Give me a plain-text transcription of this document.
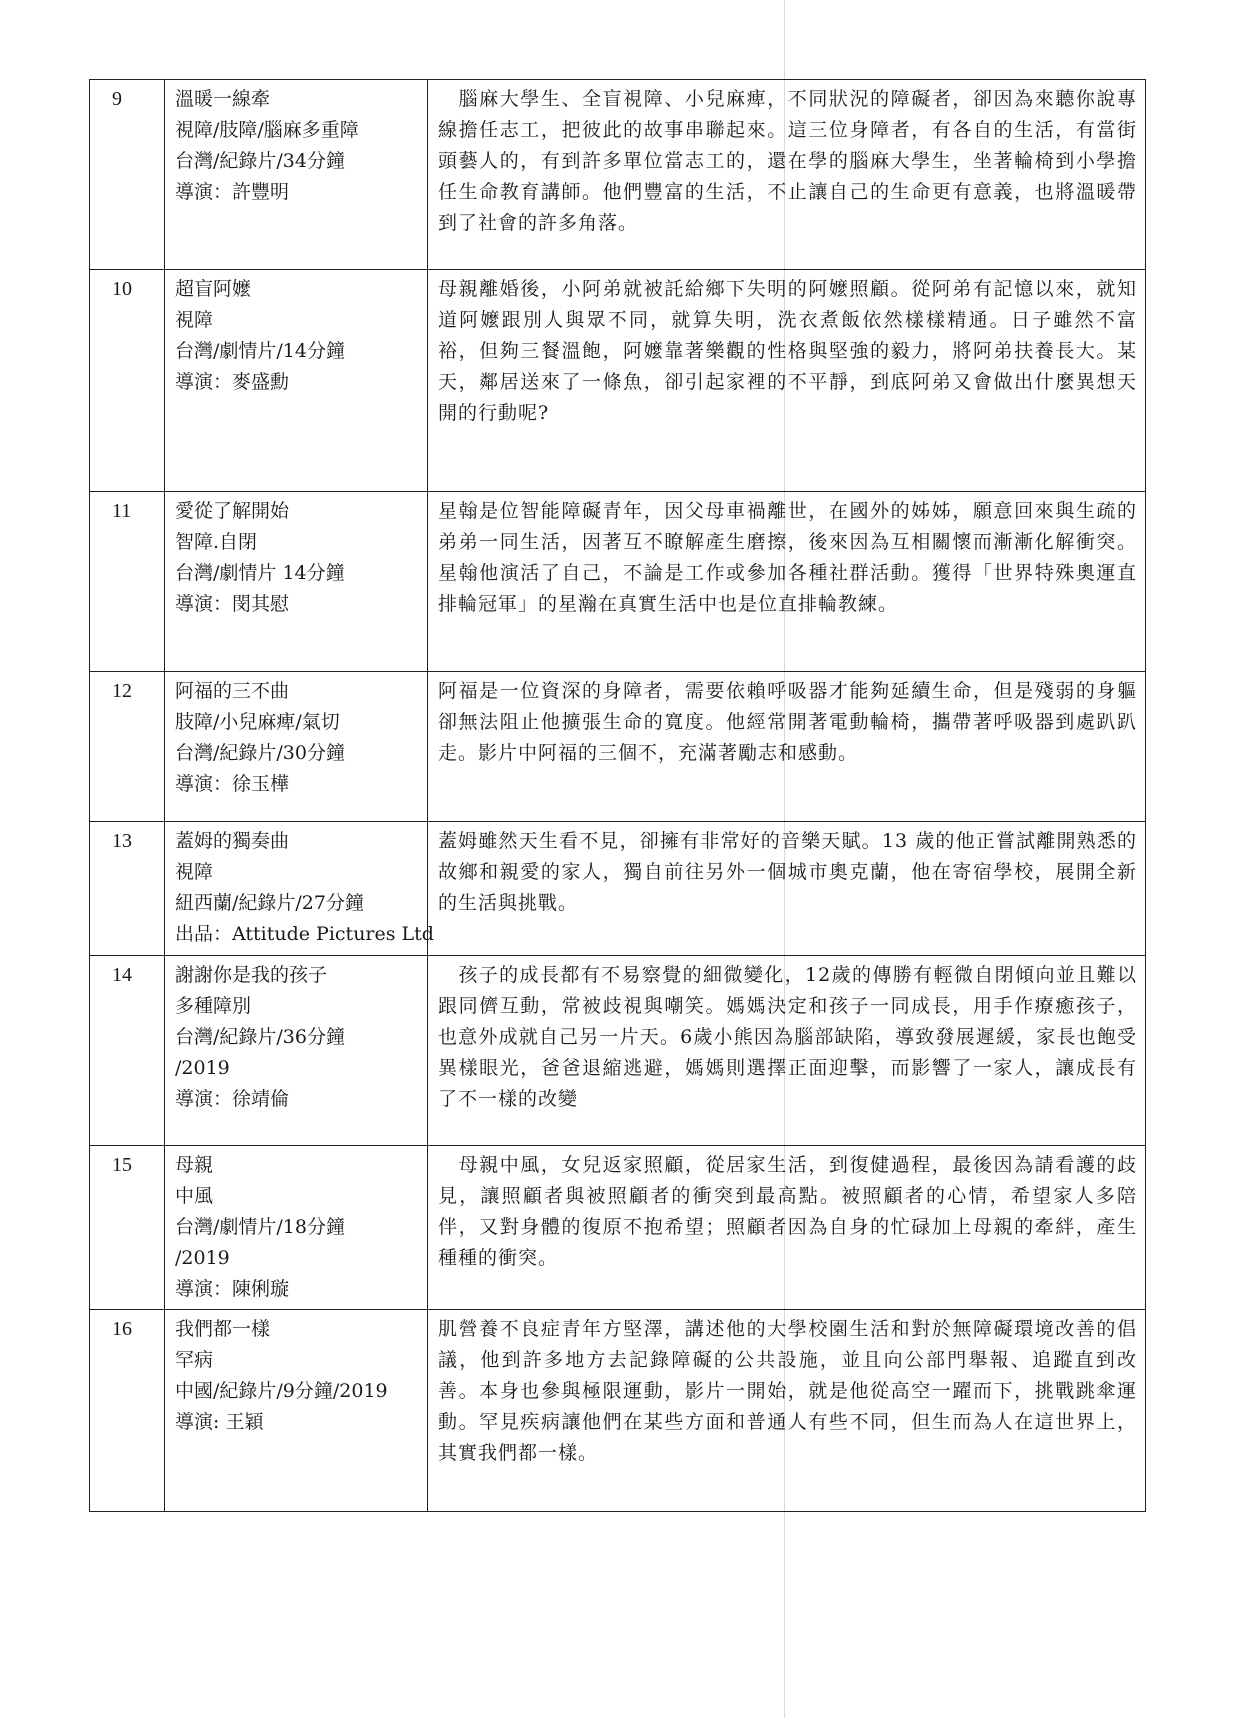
9	溫暖一線牽
視障/肢障/腦麻多重障
台灣/紀錄片/34分鐘
導演：許豐明	　腦麻大學生、全盲視障、小兒麻痺，不同狀況的障礙者，卻因為來聽你說專線擔任志工，把彼此的故事串聯起來。這三位身障者，有各自的生活，有當街頭藝人的，有到許多單位當志工的，還在學的腦麻大學生，坐著輪椅到小學擔任生命教育講師。他們豐富的生活，不止讓自己的生命更有意義，也將溫暖帶到了社會的許多角落。
10	超盲阿嬤
視障
台灣/劇情片/14分鐘
導演：麥盛勳	母親離婚後，小阿弟就被託給鄉下失明的阿嬤照顧。從阿弟有記憶以來，就知道阿嬤跟別人與眾不同，就算失明，洗衣煮飯依然樣樣精通。日子雖然不富裕，但夠三餐溫飽，阿嬤靠著樂觀的性格與堅強的毅力，將阿弟扶養長大。某天，鄰居送來了一條魚，卻引起家裡的不平靜，到底阿弟又會做出什麼異想天開的行動呢?
11	愛從了解開始
智障.自閉
台灣/劇情片 14分鐘
導演：閔其慰	星翰是位智能障礙青年，因父母車禍離世，在國外的姊姊，願意回來與生疏的弟弟一同生活，因著互不瞭解產生磨擦，後來因為互相關懷而漸漸化解衝突。星翰他演活了自己，不論是工作或參加各種社群活動。獲得「世界特殊奧運直排輪冠軍」的星瀚在真實生活中也是位直排輪教練。
12	阿福的三不曲
肢障/小兒麻痺/氣切
台灣/紀錄片/30分鐘
導演：徐玉樺	阿福是一位資深的身障者，需要依賴呼吸器才能夠延續生命，但是殘弱的身軀卻無法阻止他擴張生命的寬度。他經常開著電動輪椅，攜帶著呼吸器到處趴趴走。影片中阿福的三個不，充滿著勵志和感動。
13	蓋姆的獨奏曲
視障
紐西蘭/紀錄片/27分鐘
出品：Attitude Pictures Ltd	蓋姆雖然天生看不見，卻擁有非常好的音樂天賦。13 歲的他正嘗試離開熟悉的故鄉和親愛的家人，獨自前往另外一個城市奧克蘭，他在寄宿學校，展開全新的生活與挑戰。
14	謝謝你是我的孩子
多種障別
台灣/紀錄片/36分鐘
/2019
導演：徐靖倫	　孩子的成長都有不易察覺的細微變化，12歲的傳勝有輕微自閉傾向並且難以跟同儕互動，常被歧視與嘲笑。媽媽決定和孩子一同成長，用手作療癒孩子，也意外成就自己另一片天。6歲小熊因為腦部缺陷，導致發展遲緩，家長也飽受異樣眼光，爸爸退縮逃避，媽媽則選擇正面迎擊，而影響了一家人，讓成長有了不一樣的改變
15	母親
中風
台灣/劇情片/18分鐘
/2019
導演：陳俐璇	　母親中風，女兒返家照顧，從居家生活，到復健過程，最後因為請看護的歧見，讓照顧者與被照顧者的衝突到最高點。被照顧者的心情，希望家人多陪伴，又對身體的復原不抱希望；照顧者因為自身的忙碌加上母親的牽絆，產生種種的衝突。
16	我們都一樣
罕病
中國/紀錄片/9分鐘/2019
導演: 王穎	肌營養不良症青年方堅澤，講述他的大學校園生活和對於無障礙環境改善的倡議，他到許多地方去記錄障礙的公共設施，並且向公部門舉報、追蹤直到改善。本身也參與極限運動，影片一開始，就是他從高空一躍而下，挑戰跳傘運動。罕見疾病讓他們在某些方面和普通人有些不同，但生而為人在這世界上，其實我們都一樣。
